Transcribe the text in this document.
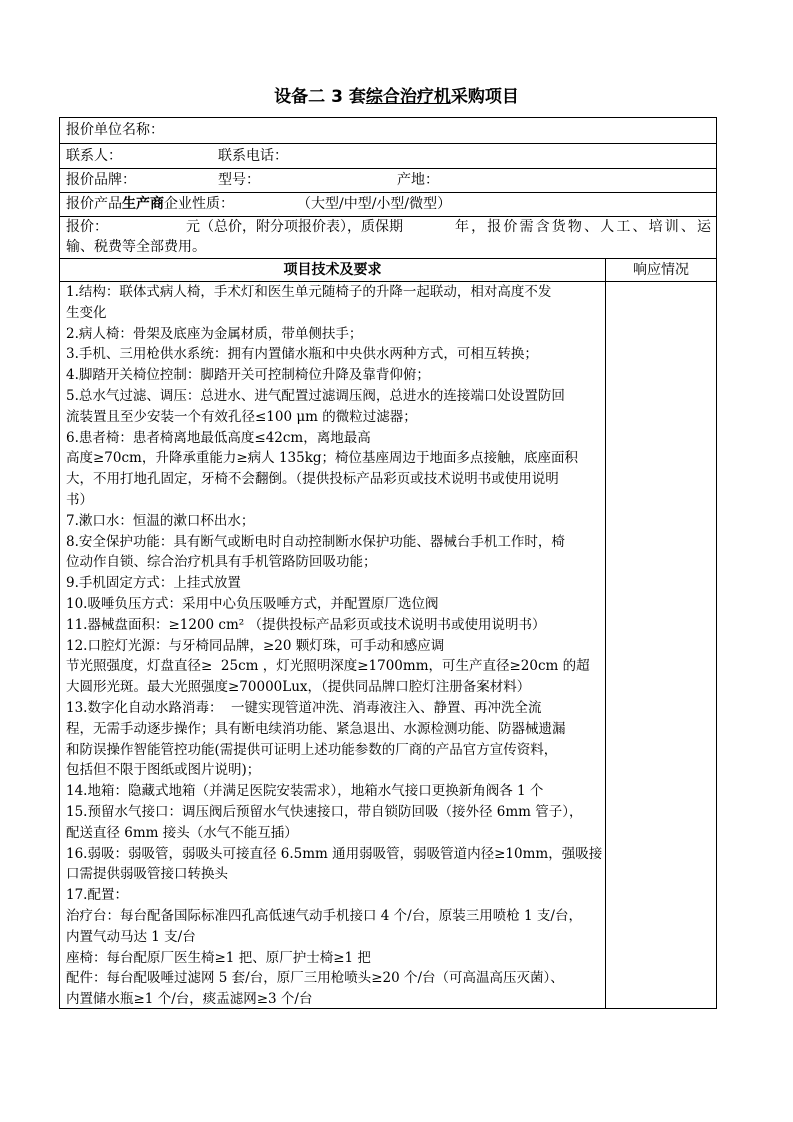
设备二 3 套综合治疗机采购项目
报价单位名称：
联系人：	联系电话：
报价品牌：	型号：	产地：
报价产品生产商企业性质：	（大型/中型/小型/微型）
报价：	元（总价，附分项报价表），质保期	年，报价需含货物、人工、培训、运
输、税费等全部费用。
项目技术及要求	响应情况
1.结构：联体式病人椅，手术灯和医生单元随椅子的升降一起联动，相对高度不发
生变化
2.病人椅：骨架及底座为金属材质，带单侧扶手；
3.手机、三用枪供水系统：拥有内置储水瓶和中央供水两种方式，可相互转换；
4.脚踏开关椅位控制：脚踏开关可控制椅位升降及靠背仰俯；
5.总水气过滤、调压：总进水、进气配置过滤调压阀，总进水的连接端口处设置防回
流装置且至少安装一个有效孔径≤100 μm 的微粒过滤器；
6.患者椅：患者椅离地最低高度≤42cm，离地最高
高度≥70cm，升降承重能力≥病人 135kg；椅位基座周边于地面多点接触，底座面积
大，不用打地孔固定，牙椅不会翻倒。（提供投标产品彩页或技术说明书或使用说明
书）
7.漱口水：恒温的漱口杯出水；
8.安全保护功能：具有断气或断电时自动控制断水保护功能、器械台手机工作时，椅
位动作自锁、综合治疗机具有手机管路防回吸功能；
9.手机固定方式：上挂式放置
10.吸唾负压方式：采用中心负压吸唾方式，并配置原厂选位阀
11.器械盘面积：≥1200 cm² （提供投标产品彩页或技术说明书或使用说明书）
12.口腔灯光源：与牙椅同品牌，≥20 颗灯珠，可手动和感应调
节光照强度，灯盘直径≥  25cm ，灯光照明深度≥1700mm，可生产直径≥20cm 的超
大圆形光斑。最大光照强度≥70000Lux，（提供同品牌口腔灯注册备案材料）
13.数字化自动水路消毒：  一键实现管道冲洗、消毒液注入、静置、再冲洗全流
程，无需手动逐步操作；具有断电续消功能、紧急退出、水源检测功能、防器械遗漏
和防误操作智能管控功能(需提供可证明上述功能参数的厂商的产品官方宣传资料，
包括但不限于图纸或图片说明)；
14.地箱：隐藏式地箱（并满足医院安装需求），地箱水气接口更换新角阀各 1 个
15.预留水气接口：调压阀后预留水气快速接口，带自锁防回吸（接外径 6mm 管子），
配送直径 6mm 接头（水气不能互插）
16.弱吸：弱吸管，弱吸头可接直径 6.5mm 通用弱吸管，弱吸管道内径≥10mm，强吸接
口需提供弱吸管接口转换头
17.配置：
治疗台：每台配备国际标准四孔高低速气动手机接口 4 个/台，原装三用喷枪 1 支/台，
内置气动马达 1 支/台
座椅：每台配原厂医生椅≥1 把、原厂护士椅≥1 把
配件：每台配吸唾过滤网 5 套/台，原厂三用枪喷头≥20 个/台（可高温高压灭菌）、
内置储水瓶≥1 个/台，痰盂滤网≥3 个/台
